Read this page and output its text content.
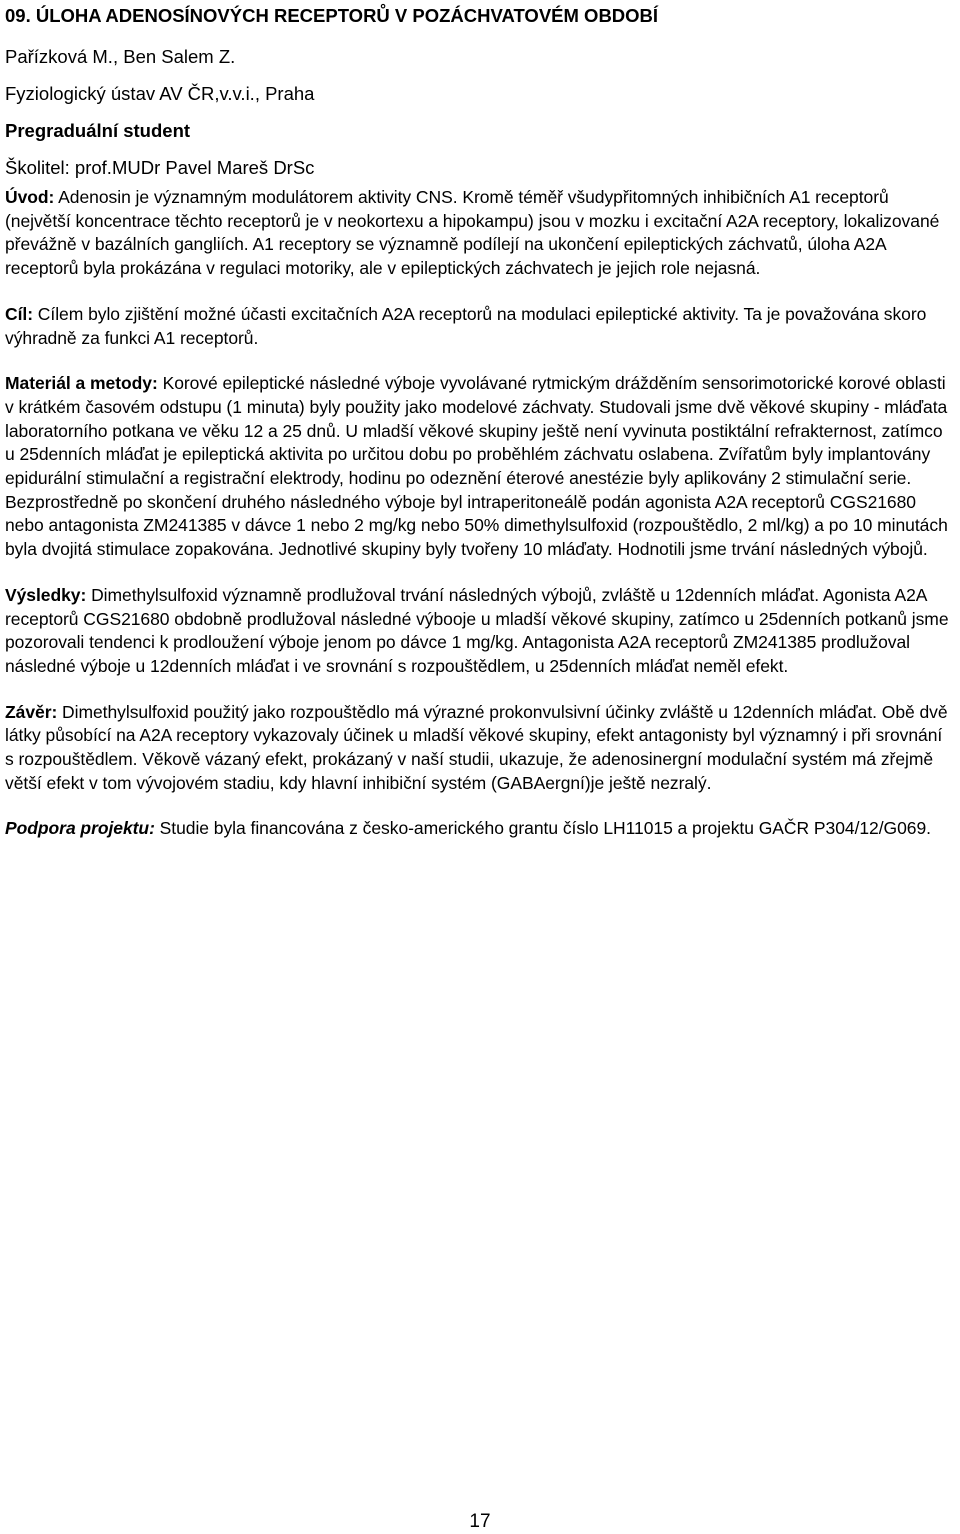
09. ÚLOHA ADENOSÍNOVÝCH RECEPTORŮ V POZÁCHVATOVÉM OBDOBÍ
Pařízková M., Ben Salem Z.
Fyziologický ústav AV ČR,v.v.i., Praha
Pregraduální student
Školitel: prof.MUDr Pavel Mareš DrSc

Úvod: Adenosin je významným modulátorem aktivity CNS. Kromě téměř všudypřitomných inhibičních A1 receptorů (největší koncentrace těchto receptorů je v neokortexu a hipokampu) jsou v mozku i excitační A2A receptory, lokalizované převážně v bazálních gangliích. A1 receptory se významně podílejí na ukončení epileptických záchvatů, úloha A2A receptorů byla prokázána v regulaci motoriky, ale v epileptických záchvatech je jejich role nejasná.

Cíl: Cílem bylo zjištění možné účasti excitačních A2A receptorů na modulaci epileptické aktivity. Ta je považována skoro výhradně za funkci A1 receptorů.

Materiál a metody: Korové epileptické následné výboje vyvolávané rytmickým drážděním sensorimotorické korové oblasti v krátkém časovém odstupu (1 minuta) byly použity jako modelové záchvaty. Studovali jsme dvě věkové skupiny - mláďata laboratorního potkana ve věku 12 a 25 dnů. U mladší věkové skupiny ještě není vyvinuta postiktální refrakternost, zatímco u 25denních mláďat je epileptická aktivita po určitou dobu po proběhlém záchvatu oslabena. Zvířatům byly implantovány epidurální stimulační a registrační elektrody, hodinu po odeznění éterové anestézie byly aplikovány 2 stimulační serie. Bezprostředně po skončení druhého následného výboje byl intraperitoneálě podán agonista A2A receptorů CGS21680 nebo antagonista ZM241385 v dávce 1 nebo 2 mg/kg nebo 50% dimethylsulfoxid (rozpouštědlo, 2 ml/kg) a po 10 minutách byla dvojitá stimulace zopakována. Jednotlivé skupiny byly tvořeny 10 mláďaty. Hodnotili jsme trvání následných výbojů.

Výsledky: Dimethylsulfoxid významně prodlužoval trvání následných výbojů, zvláště u 12denních mláďat. Agonista A2A receptorů CGS21680 obdobně prodlužoval následné výbooje u mladší věkové skupiny, zatímco u 25denních potkanů jsme pozorovali tendenci k prodloužení výboje jenom po dávce 1 mg/kg. Antagonista A2A receptorů ZM241385 prodlužoval následné výboje u 12denních mláďat i ve srovnání s rozpouštědlem, u 25denních mláďat neměl efekt.

Závěr: Dimethylsulfoxid použitý jako rozpouštědlo má výrazné prokonvulsivní účinky zvláště u 12denních mláďat. Obě dvě látky působící na A2A receptory vykazovaly účinek u mladší věkové skupiny, efekt antagonisty byl významný i při srovnání s rozpouštědlem. Věkově vázaný efekt, prokázaný v naší studii, ukazuje, že adenosinergní modulační systém má zřejmě větší efekt v tom vývojovém stadiu, kdy hlavní inhibiční systém (GABAergní)je ještě nezralý.

Podpora projektu: Studie byla financována z česko-amerického grantu číslo LH11015 a projektu GAČR P304/12/G069.

17
